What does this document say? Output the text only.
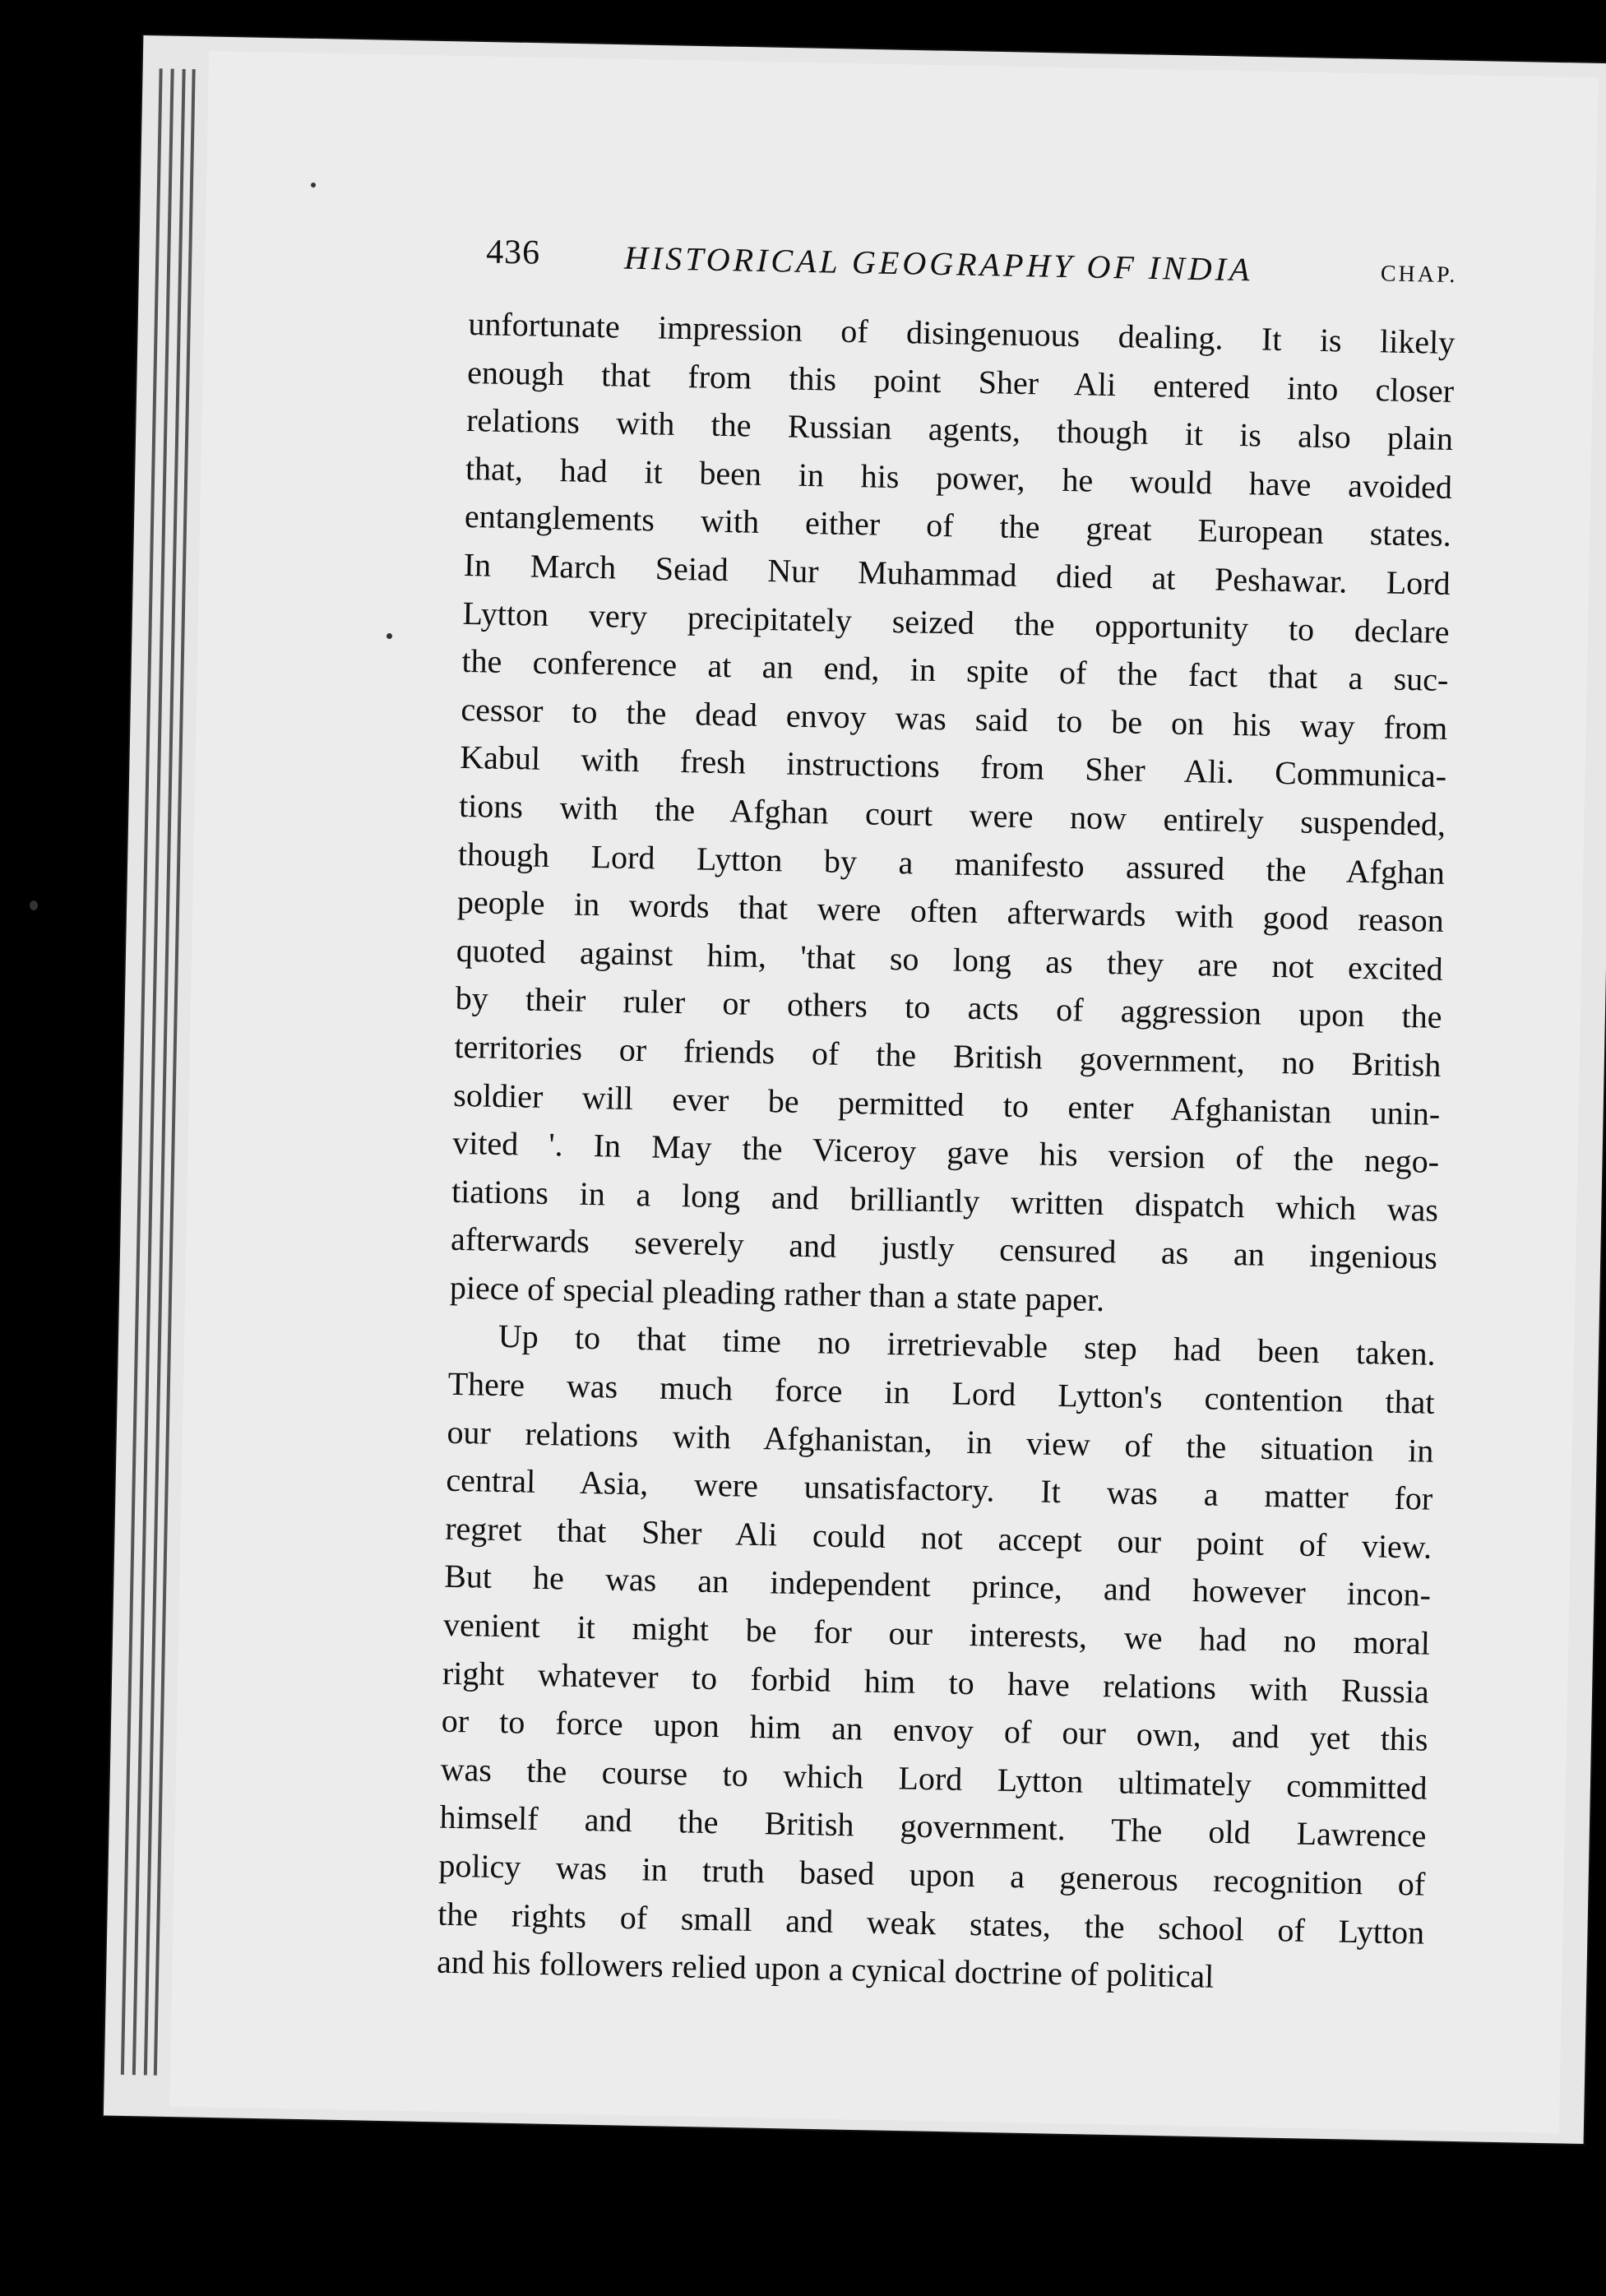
436	HISTORICAL GEOGRAPHY OF INDIA	CHAP.
unfortunate impression of disingenuous dealing. It is likely
enough that from this point Sher Ali entered into closer
relations with the Russian agents, though it is also plain
that, had it been in his power, he would have avoided
entanglements with either of the great European states.
In March Seiad Nur Muhammad died at Peshawar. Lord
Lytton very precipitately seized the opportunity to declare
the conference at an end, in spite of the fact that a suc-
cessor to the dead envoy was said to be on his way from
Kabul with fresh instructions from Sher Ali. Communica-
tions with the Afghan court were now entirely suspended,
though Lord Lytton by a manifesto assured the Afghan
people in words that were often afterwards with good reason
quoted against him, 'that so long as they are not excited
by their ruler or others to acts of aggression upon the
territories or friends of the British government, no British
soldier will ever be permitted to enter Afghanistan unin-
vited '. In May the Viceroy gave his version of the nego-
tiations in a long and brilliantly written dispatch which was
afterwards severely and justly censured as an ingenious
piece of special pleading rather than a state paper.
Up to that time no irretrievable step had been taken.
There was much force in Lord Lytton's contention that
our relations with Afghanistan, in view of the situation in
central Asia, were unsatisfactory. It was a matter for
regret that Sher Ali could not accept our point of view.
But he was an independent prince, and however incon-
venient it might be for our interests, we had no moral
right whatever to forbid him to have relations with Russia
or to force upon him an envoy of our own, and yet this
was the course to which Lord Lytton ultimately committed
himself and the British government. The old Lawrence
policy was in truth based upon a generous recognition of
the rights of small and weak states, the school of Lytton
and his followers relied upon a cynical doctrine of political
